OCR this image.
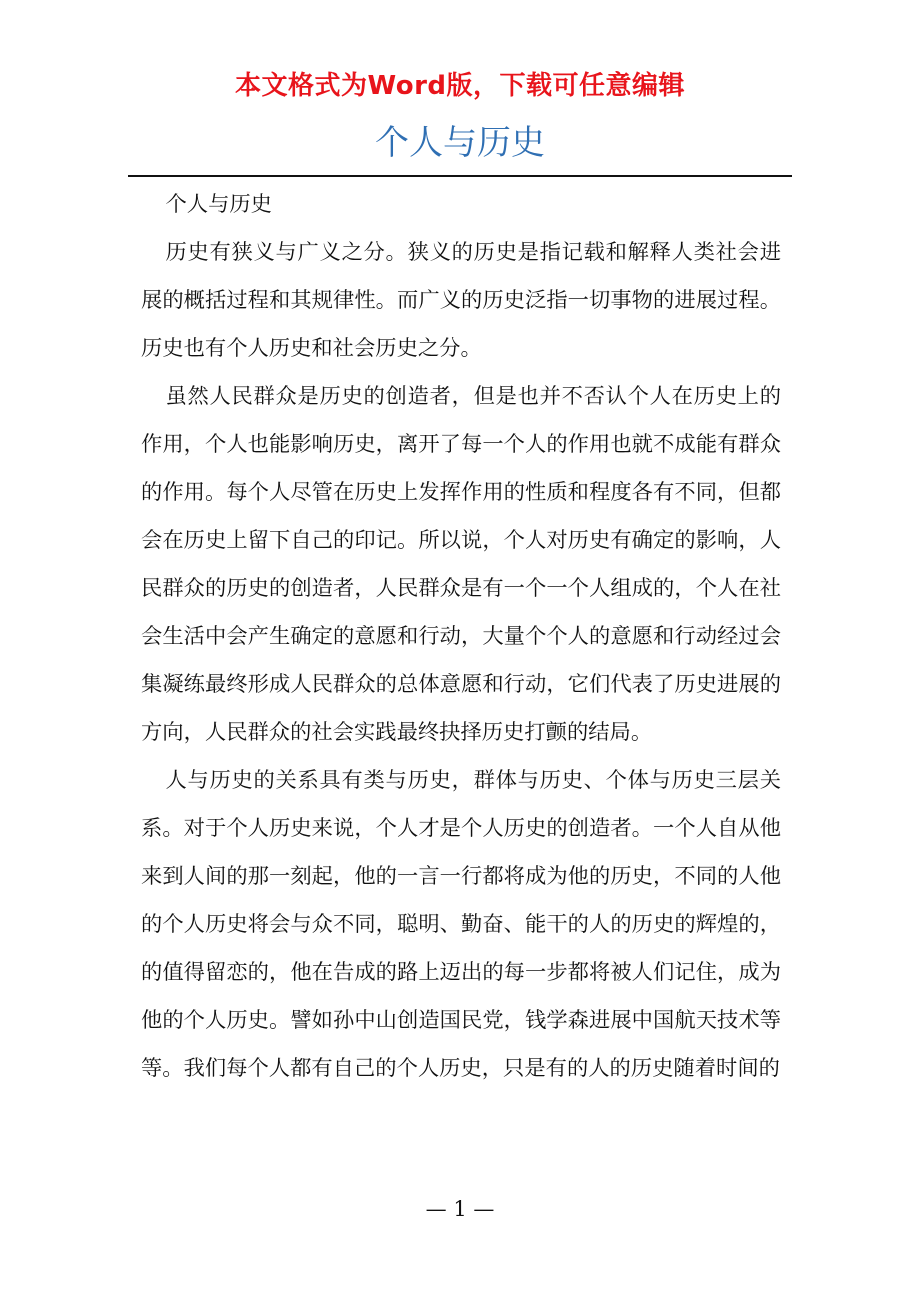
本文格式为Word版，下载可任意编辑
个人与历史

个人与历史

历史有狭义与广义之分。狭义的历史是指记载和解释人类社会进展的概括过程和其规律性。而广义的历史泛指一切事物的进展过程。历史也有个人历史和社会历史之分。

虽然人民群众是历史的创造者，但是也并不否认个人在历史上的作用，个人也能影响历史，离开了每一个人的作用也就不成能有群众的作用。每个人尽管在历史上发挥作用的性质和程度各有不同，但都会在历史上留下自己的印记。所以说，个人对历史有确定的影响，人民群众的历史的创造者，人民群众是有一个一个人组成的，个人在社会生活中会产生确定的意愿和行动，大量个个人的意愿和行动经过会集凝练最终形成人民群众的总体意愿和行动，它们代表了历史进展的方向，人民群众的社会实践最终抉择历史打颤的结局。

人与历史的关系具有类与历史，群体与历史、个体与历史三层关系。对于个人历史来说，个人才是个人历史的创造者。一个人自从他来到人间的那一刻起，他的一言一行都将成为他的历史，不同的人他的个人历史将会与众不同，聪明、勤奋、能干的人的历史的辉煌的，的值得留恋的，他在告成的路上迈出的每一步都将被人们记住，成为他的个人历史。譬如孙中山创造国民党，钱学森进展中国航天技术等等。我们每个人都有自己的个人历史，只是有的人的历史随着时间的

— 1 —
